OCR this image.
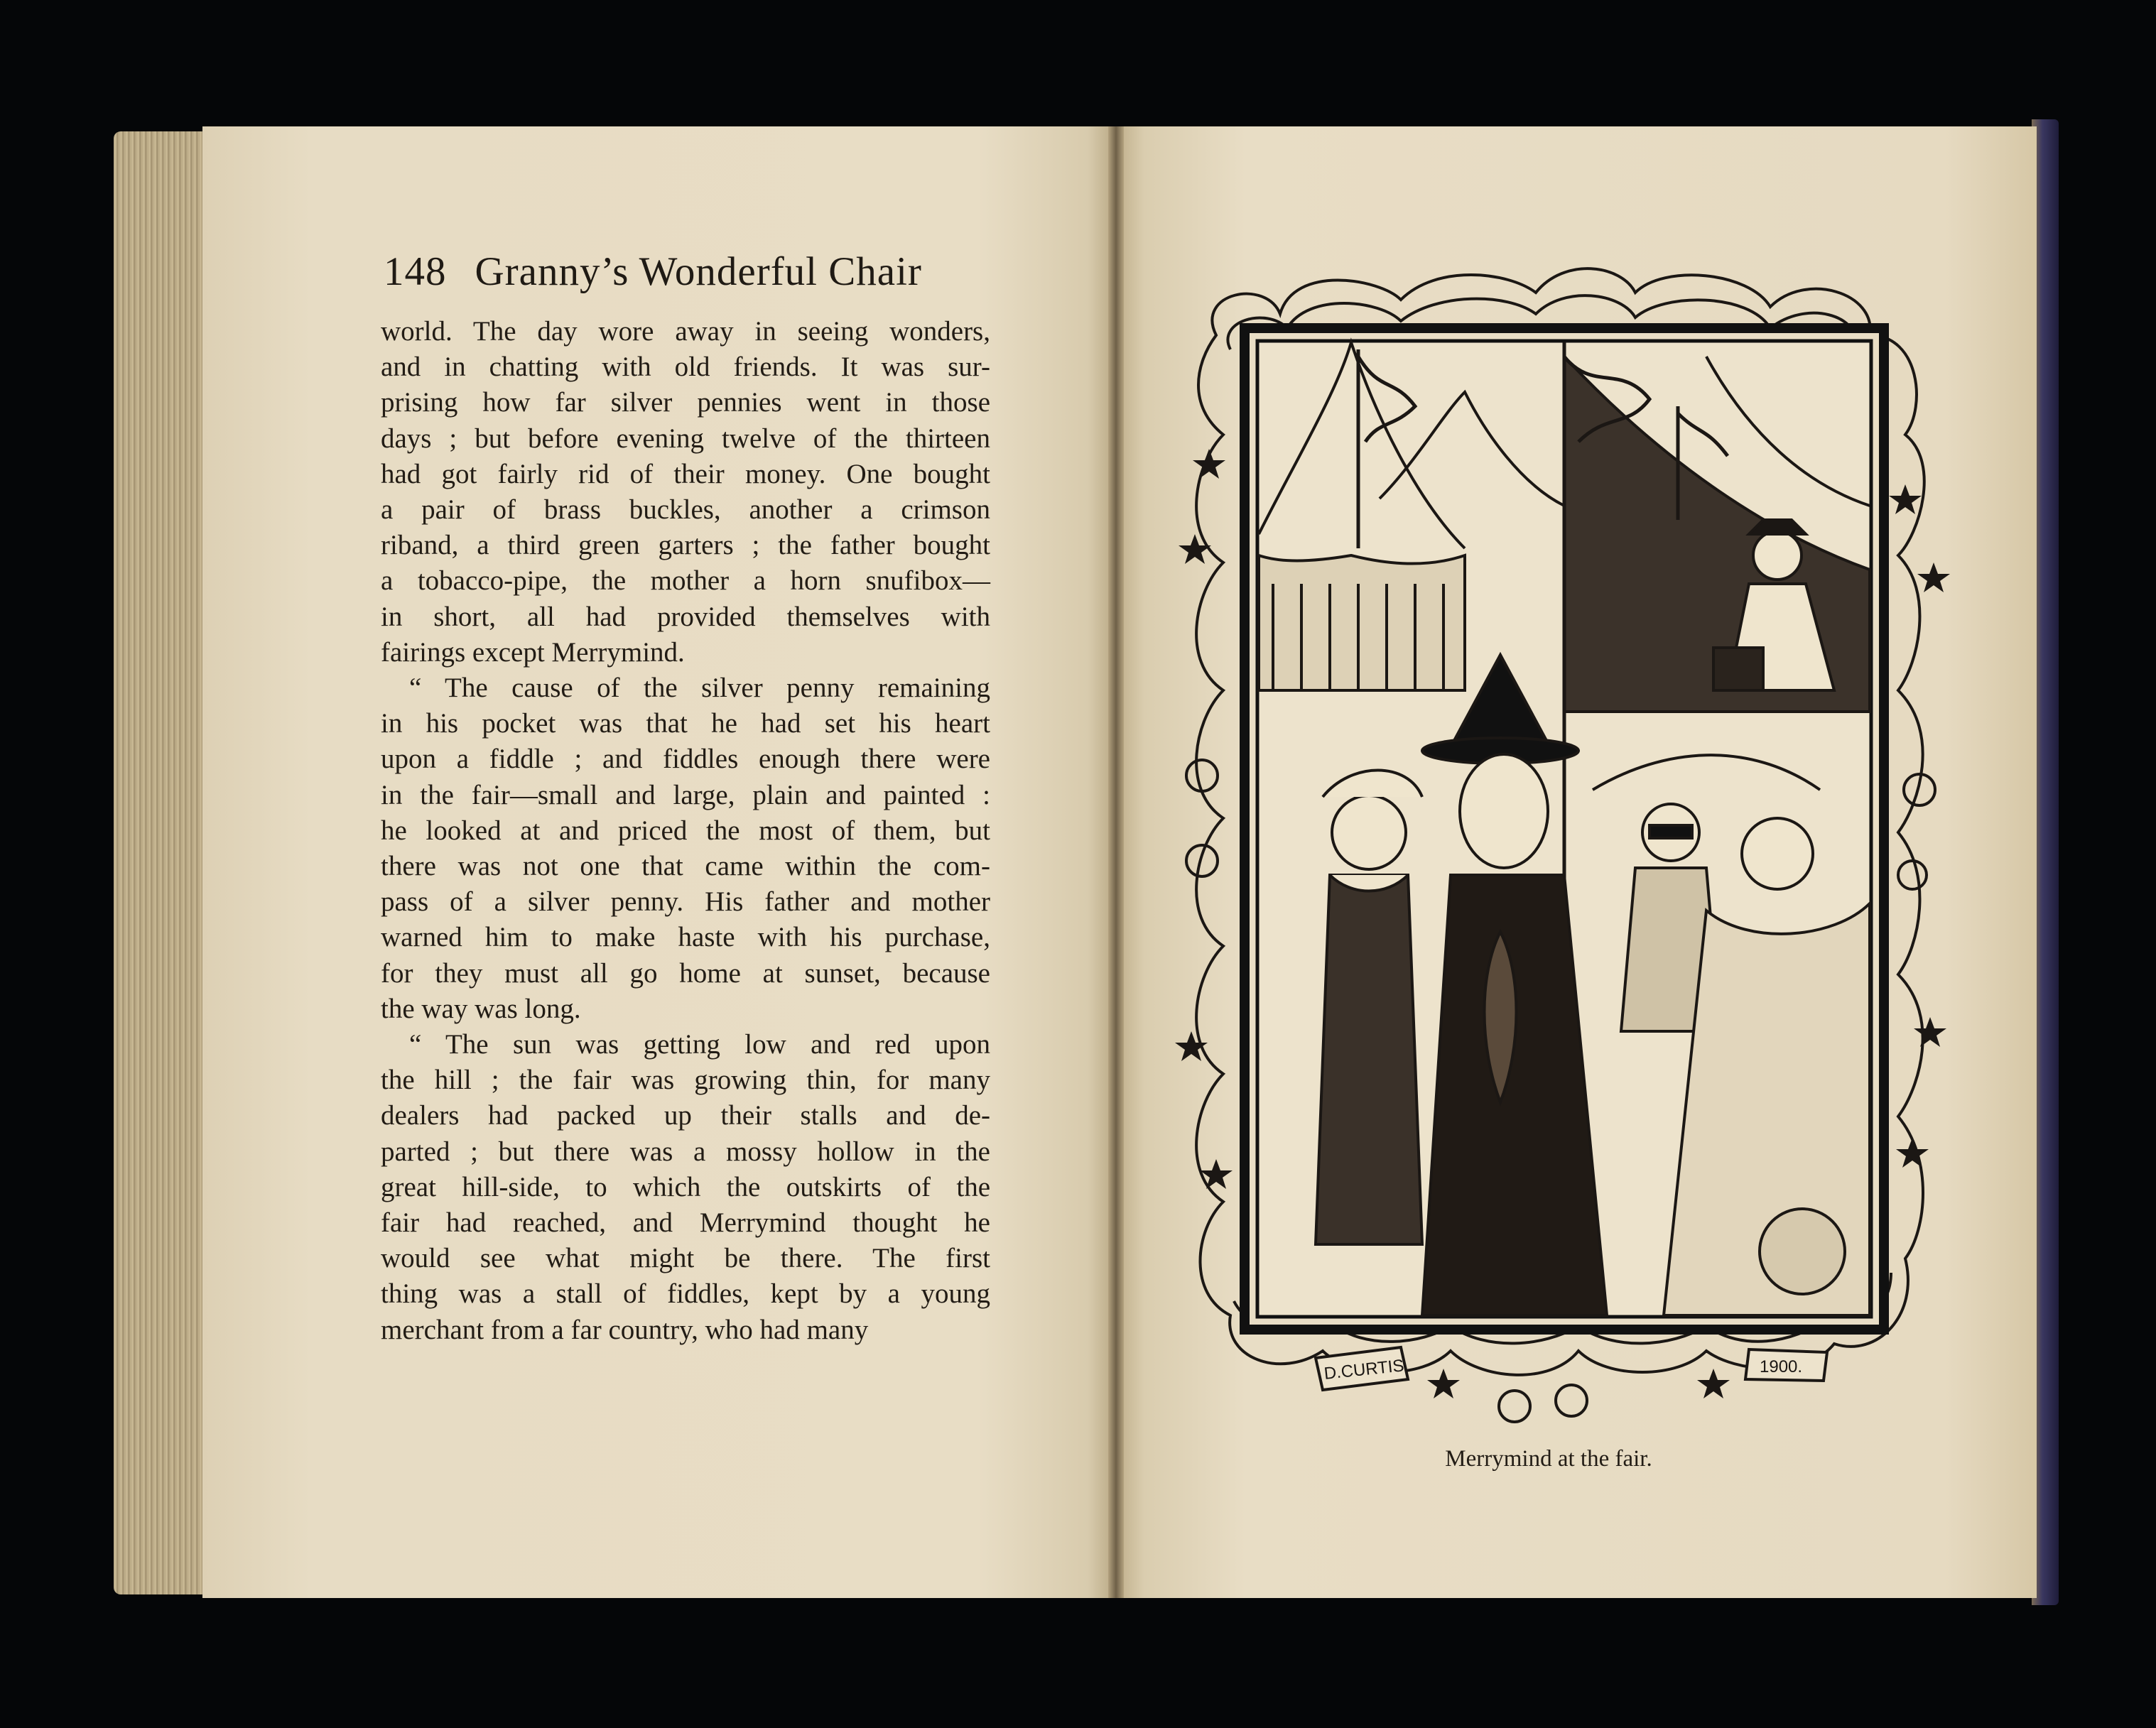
148 Granny’s Wonderful Chair
world. The day wore away in seeing wonders,
and in chatting with old friends. It was sur-
prising how far silver pennies went in those
days ; but before evening twelve of the thirteen
had got fairly rid of their money. One bought
a pair of brass buckles, another a crimson
riband, a third green garters ; the father bought
a tobacco-pipe, the mother a horn snufibox—
in short, all had provided themselves with
fairings except Merrymind.
“ The cause of the silver penny remaining
in his pocket was that he had set his heart
upon a fiddle ; and fiddles enough there were
in the fair—small and large, plain and painted :
he looked at and priced the most of them, but
there was not one that came within the com-
pass of a silver penny. His father and mother
warned him to make haste with his purchase,
for they must all go home at sunset, because
the way was long.
“ The sun was getting low and red upon
the hill ; the fair was growing thin, for many
dealers had packed up their stalls and de-
parted ; but there was a mossy hollow in the
great hill-side, to which the outskirts of the
fair had reached, and Merrymind thought he
would see what might be there. The first
thing was a stall of fiddles, kept by a young
merchant from a far country, who had many
D.CURTIS	1900.
Merrymind at the fair.
